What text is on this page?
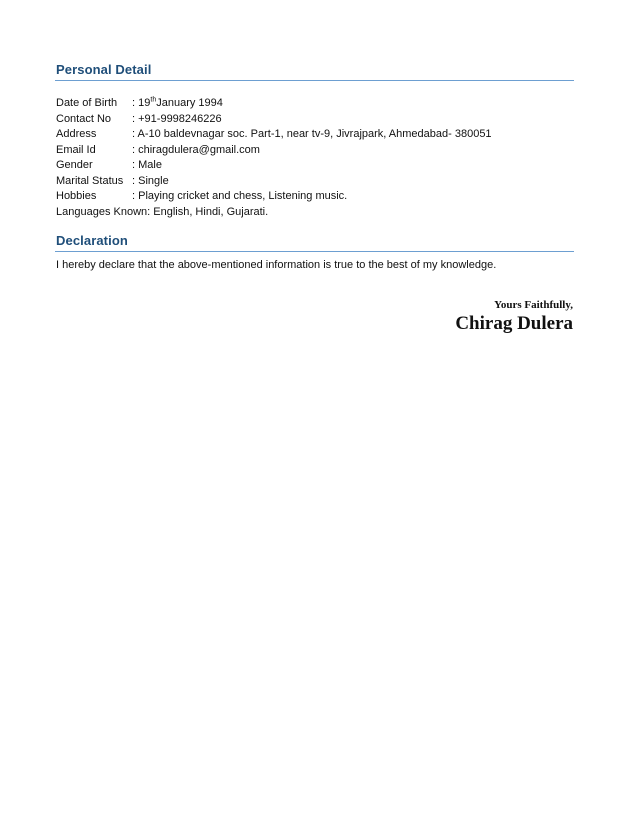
Personal Detail
Date of Birth	: 19thJanuary 1994
Contact No	: +91-9998246226
Address	: A-10 baldevnagar soc. Part-1, near tv-9, Jivrajpark, Ahmedabad- 380051
Email Id	: chiragdulera@gmail.com
Gender	: Male
Marital Status : Single
Hobbies	: Playing cricket and chess, Listening music.
Languages Known: English, Hindi, Gujarati.
Declaration
I hereby declare that the above-mentioned information is true to the best of my knowledge.
Yours Faithfully,
Chirag Dulera
